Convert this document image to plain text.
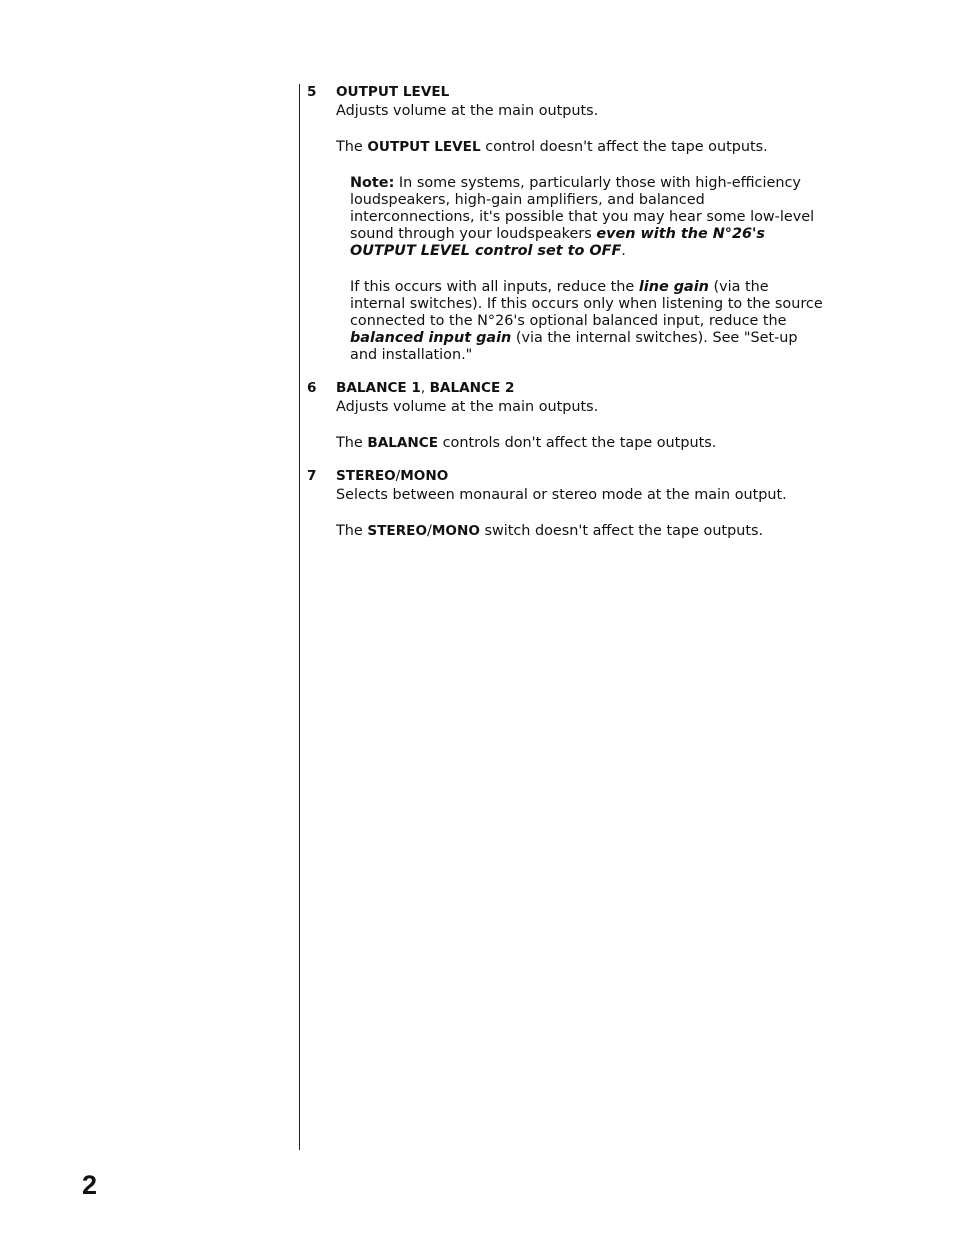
5	OUTPUT LEVEL

Adjusts volume at the main outputs.

The OUTPUT LEVEL control doesn't affect the tape outputs.

Note: In some systems, particularly those with high-efficiency loudspeakers, high-gain amplifiers, and balanced interconnections, it's possible that you may hear some low-level sound through your loudspeakers even with the N°26's OUTPUT LEVEL control set to OFF.

If this occurs with all inputs, reduce the line gain (via the internal switches). If this occurs only when listening to the source connected to the N°26's optional balanced input, reduce the balanced input gain (via the internal switches). See "Set-up and installation."

6	BALANCE 1, BALANCE 2

Adjusts volume at the main outputs.

The BALANCE controls don't affect the tape outputs.

7	STEREO/MONO

Selects between monaural or stereo mode at the main output.

The STEREO/MONO switch doesn't affect the tape outputs.

2
